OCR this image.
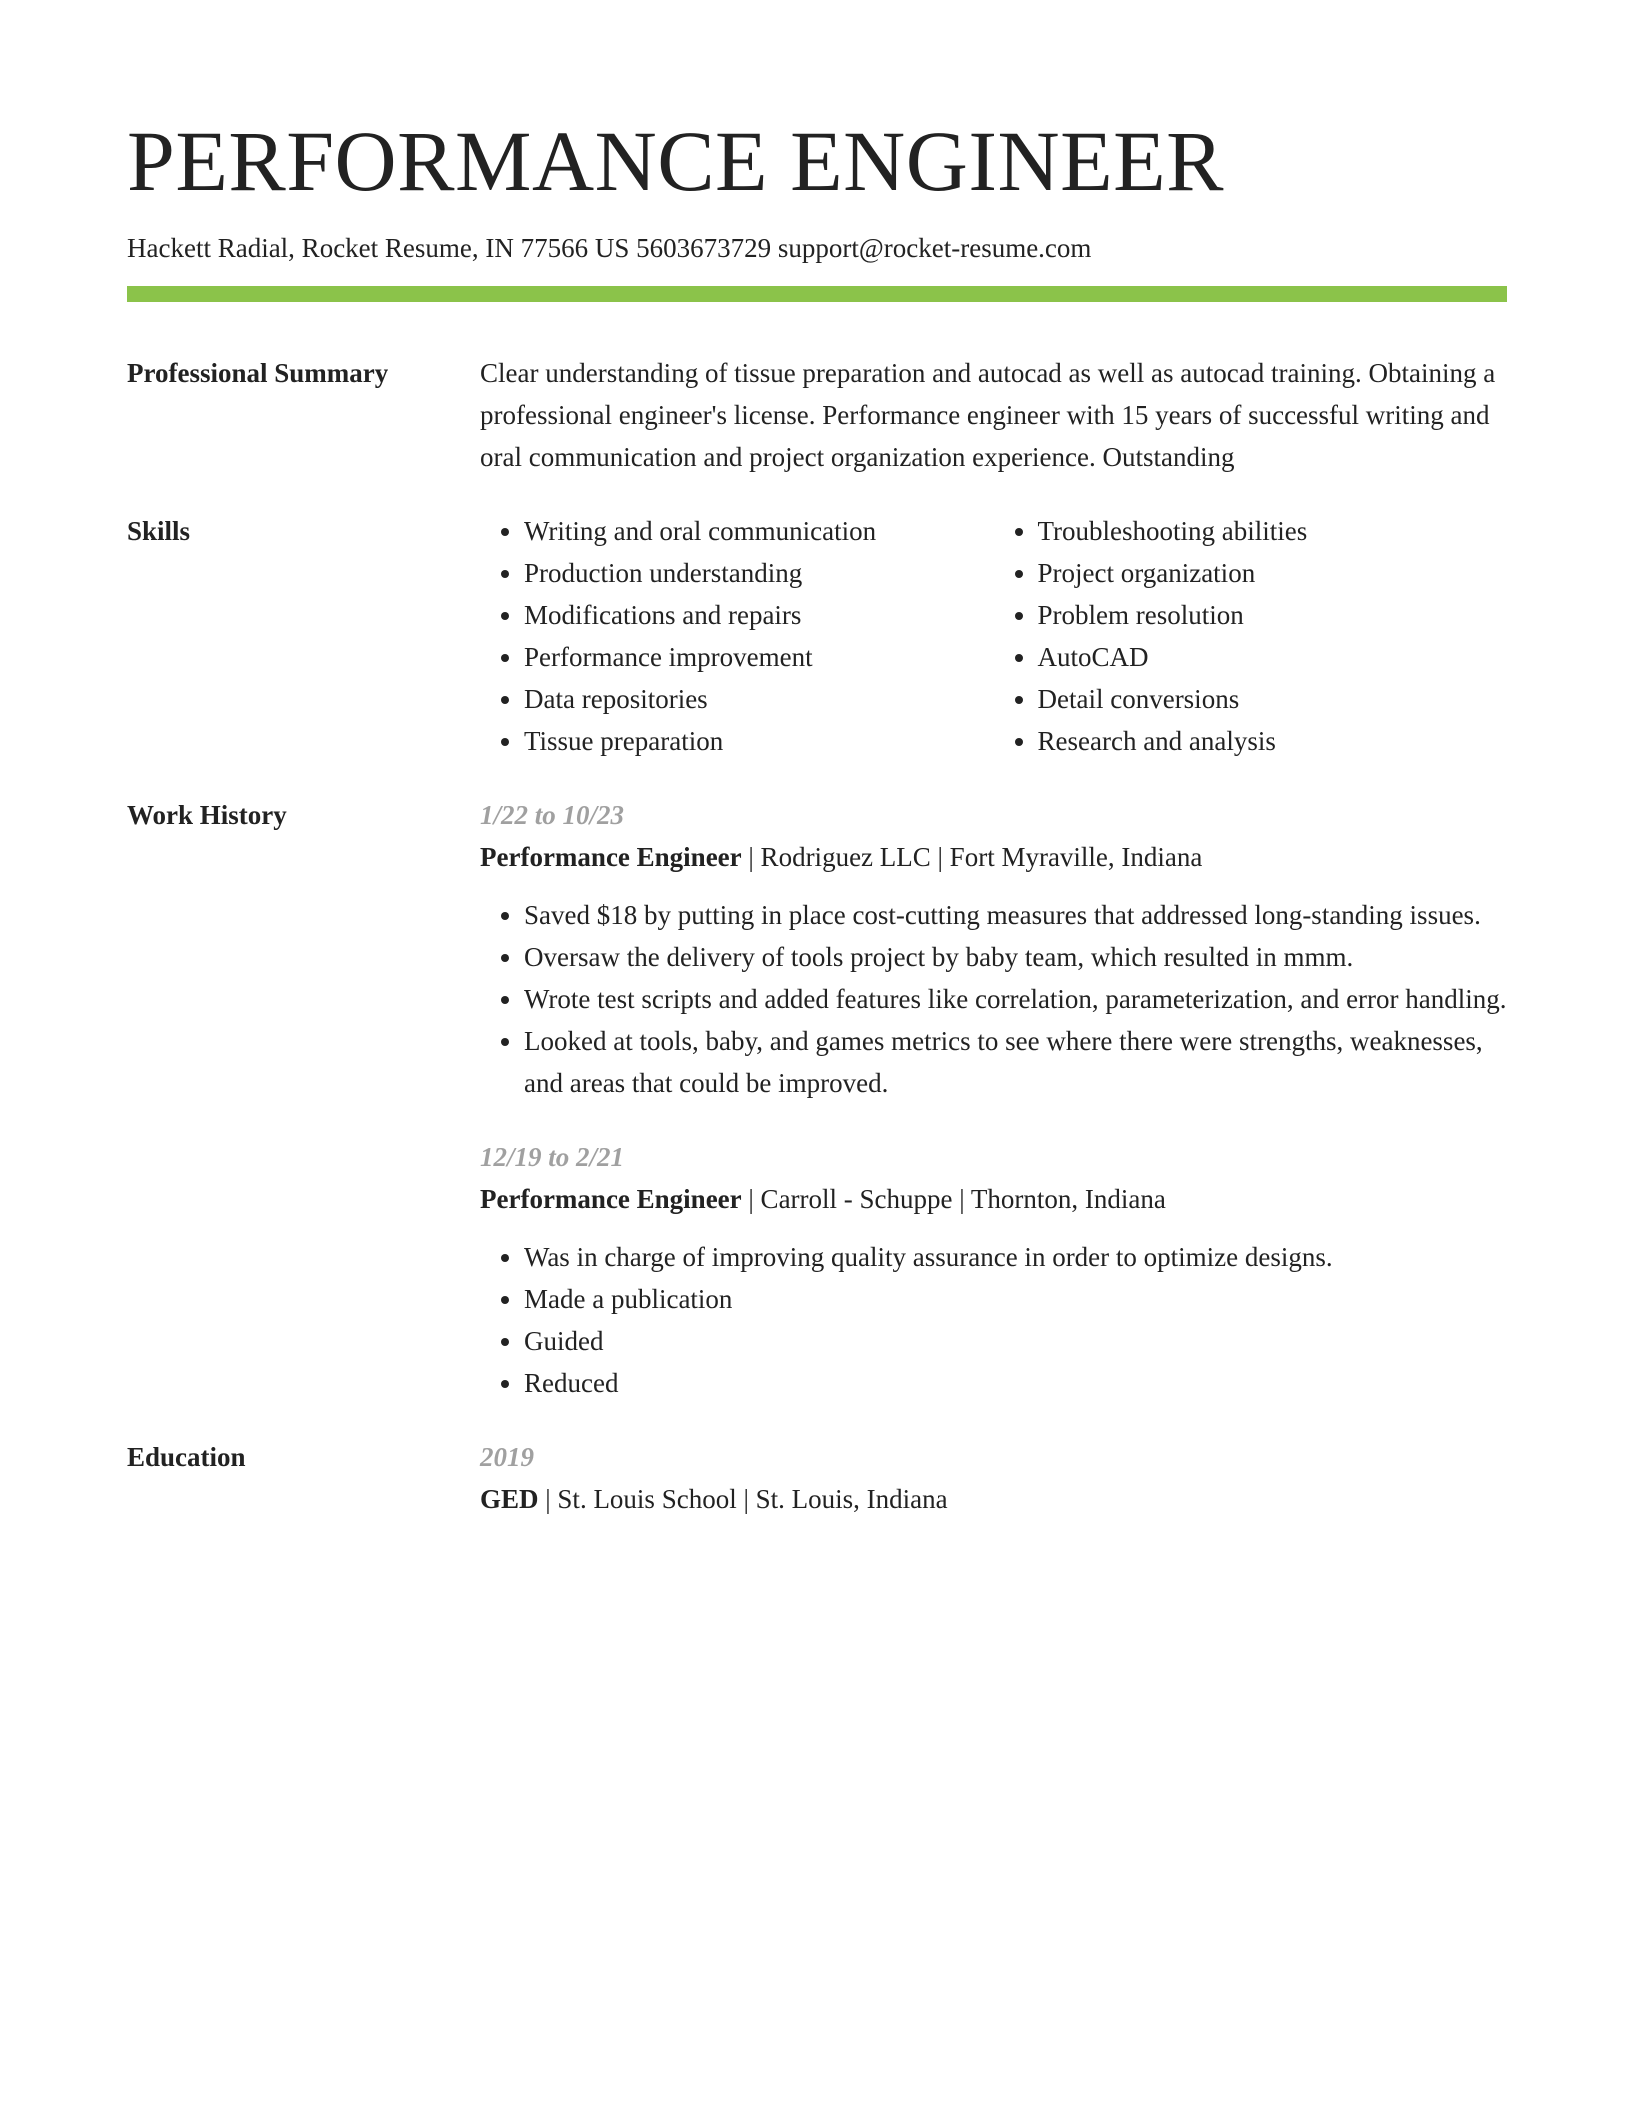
PERFORMANCE ENGINEER
Hackett Radial, Rocket Resume, IN 77566 US 5603673729 support@rocket-resume.com
Professional Summary	Clear understanding of tissue preparation and autocad as well as autocad training. Obtaining a professional engineer's license. Performance engineer with 15 years of successful writing and oral communication and project organization experience. Outstanding
Skills
•	Writing and oral communication
• Production understanding
• Modifications and repairs
• Performance improvement
• Data repositories
• Tissue preparation
• Troubleshooting abilities
• Project organization
• Problem resolution
• AutoCAD
• Detail conversions
• Research and analysis
Work History	1/22 to 10/23
Performance Engineer | Rodriguez LLC | Fort Myraville, Indiana
• Saved $18 by putting in place cost-cutting measures that addressed long-standing issues.
• Oversaw the delivery of tools project by baby team, which resulted in mmm.
• Wrote test scripts and added features like correlation, parameterization, and error handling.
• Looked at tools, baby, and games metrics to see where there were strengths, weaknesses, and areas that could be improved.
12/19 to 2/21
Performance Engineer | Carroll - Schuppe | Thornton, Indiana
• Was in charge of improving quality assurance in order to optimize designs.
• Made a publication
• Guided
• Reduced
Education	2019
GED | St. Louis School | St. Louis, Indiana
